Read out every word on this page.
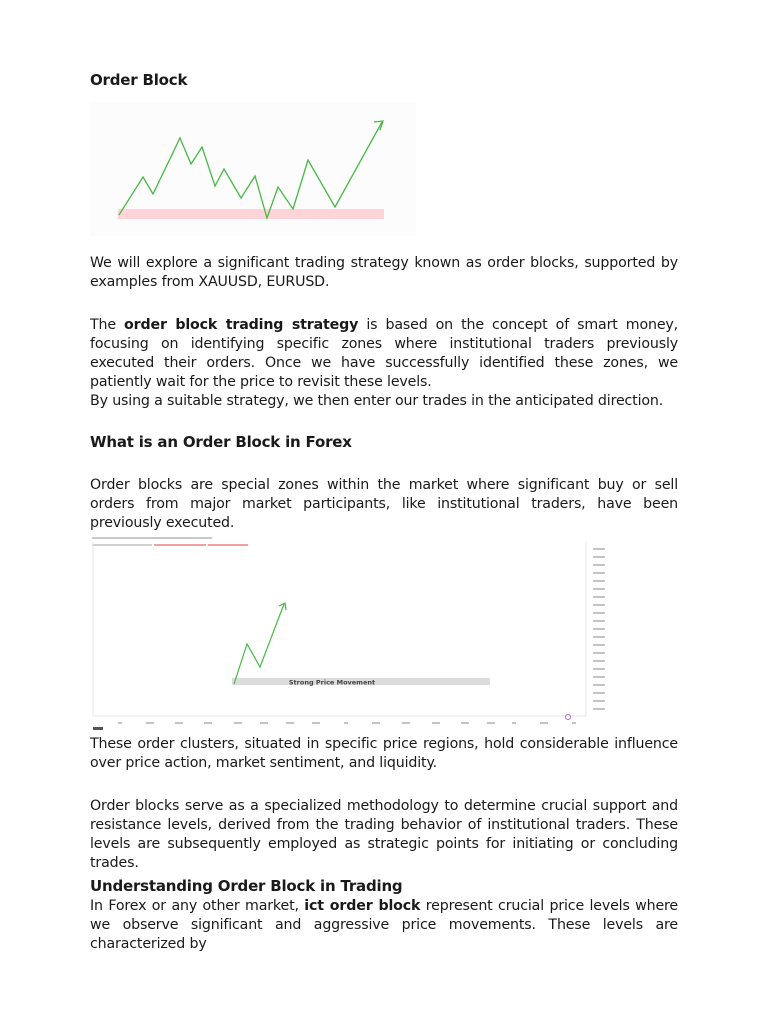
Order Block

We will explore a significant trading strategy known as order blocks, supported by examples from XAUUSD, EURUSD.

The order block trading strategy is based on the concept of smart money, focusing on identifying specific zones where institutional traders previously executed their orders. Once we have successfully identified these zones, we patiently wait for the price to revisit these levels.
By using a suitable strategy, we then enter our trades in the anticipated direction.

What is an Order Block in Forex

Order blocks are special zones within the market where significant buy or sell orders from major market participants, like institutional traders, have been previously executed.

Strong Price Movement

These order clusters, situated in specific price regions, hold considerable influence over price action, market sentiment, and liquidity.

Order blocks serve as a specialized methodology to determine crucial support and resistance levels, derived from the trading behavior of institutional traders. These levels are subsequently employed as strategic points for initiating or concluding trades.

Understanding Order Block in Trading

In Forex or any other market, ict order block represent crucial price levels where we observe significant and aggressive price movements. These levels are characterized by
